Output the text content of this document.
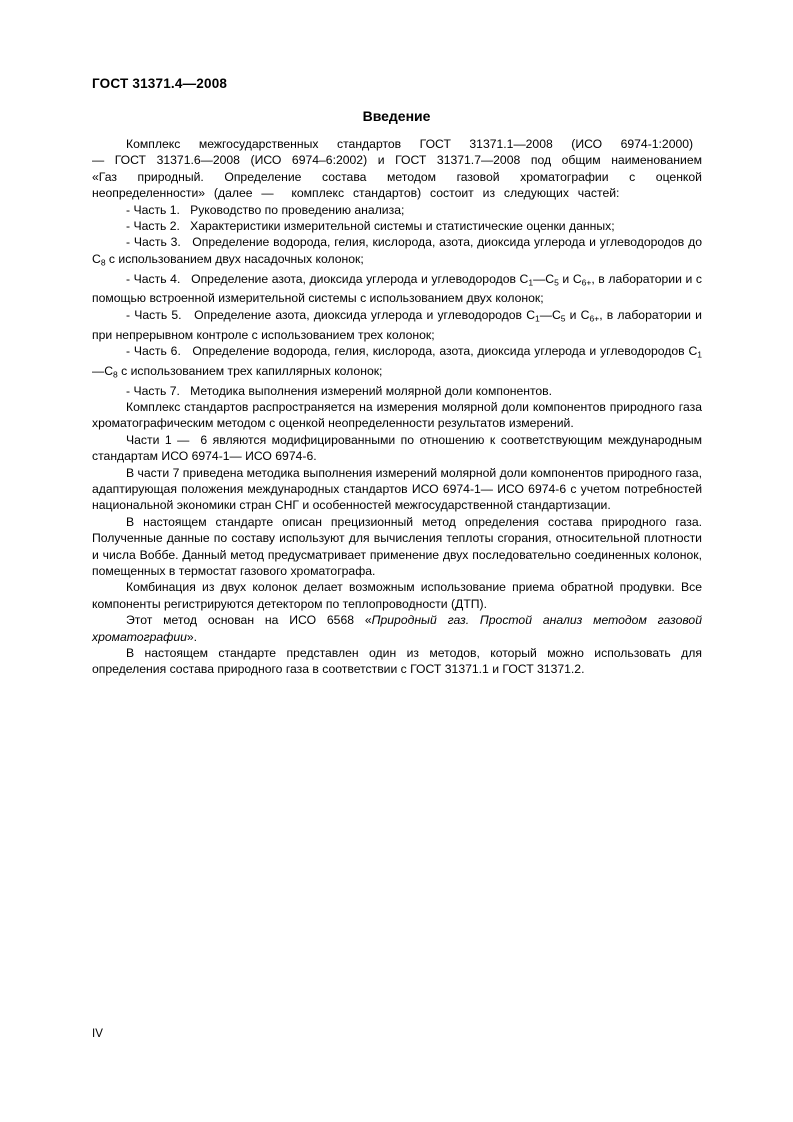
ГОСТ 31371.4—2008
Введение

Комплекс  межгосударственных  стандартов  ГОСТ  31371.1—2008  (ИСО  6974-1:2000)  — ГОСТ 31371.6—2008 (ИСО 6974–6:2002) и ГОСТ 31371.7—2008 под общим наименованием «Газ природный. Определение состава методом газовой хроматографии с оценкой неопределенности» (далее —  комплекс стандартов) состоит из следующих частей:

- Часть 1.   Руководство по проведению анализа;

- Часть 2.   Характеристики измерительной системы и статистические оценки данных;

- Часть 3.   Определение водорода, гелия, кислорода, азота, диоксида углерода и углеводородов до $C_8$ с использованием двух насадочных колонок;

- Часть 4.   Определение азота, диоксида углерода и углеводородов $C_1—C_5$ и $C_{6+}$, в лаборатории и с помощью встроенной измерительной системы с использованием двух колонок;

- Часть 5.   Определение азота, диоксида углерода и углеводородов $C_1—C_5$ и $C_{6+}$, в лаборатории и при непрерывном контроле с использованием трех колонок;

- Часть 6.   Определение водорода, гелия, кислорода, азота, диоксида углерода и углеводородов $C_1—C_8$ с использованием трех капиллярных колонок;

- Часть 7.   Методика выполнения измерений молярной доли компонентов.

Комплекс стандартов распространяется на измерения молярной доли компонентов природного газа хроматографическим методом с оценкой неопределенности результатов измерений.

Части 1 —  6 являются модифицированными по отношению к соответствующим международным стандартам ИСО 6974-1— ИСО 6974-6.

В части 7 приведена методика выполнения измерений молярной доли компонентов природного газа, адаптирующая положения международных стандартов ИСО 6974-1— ИСО 6974-6 с учетом потребностей национальной экономики стран СНГ и особенностей межгосударственной стандартизации.

В настоящем стандарте описан прецизионный метод определения состава природного газа. Полученные данные по составу используют для вычисления теплоты сгорания, относительной плотности и числа Воббе. Данный метод предусматривает применение двух последовательно соединенных колонок, помещенных в термостат газового хроматографа.

Комбинация из двух колонок делает возможным использование приема обратной продувки. Все компоненты регистрируются детектором по теплопроводности (ДТП).

Этот метод основан на ИСО 6568 «Природный газ. Простой анализ методом газовой хроматографии».

В настоящем стандарте представлен один из методов, который можно использовать для определения состава природного газа в соответствии с ГОСТ 31371.1 и ГОСТ 31371.2.

IV
